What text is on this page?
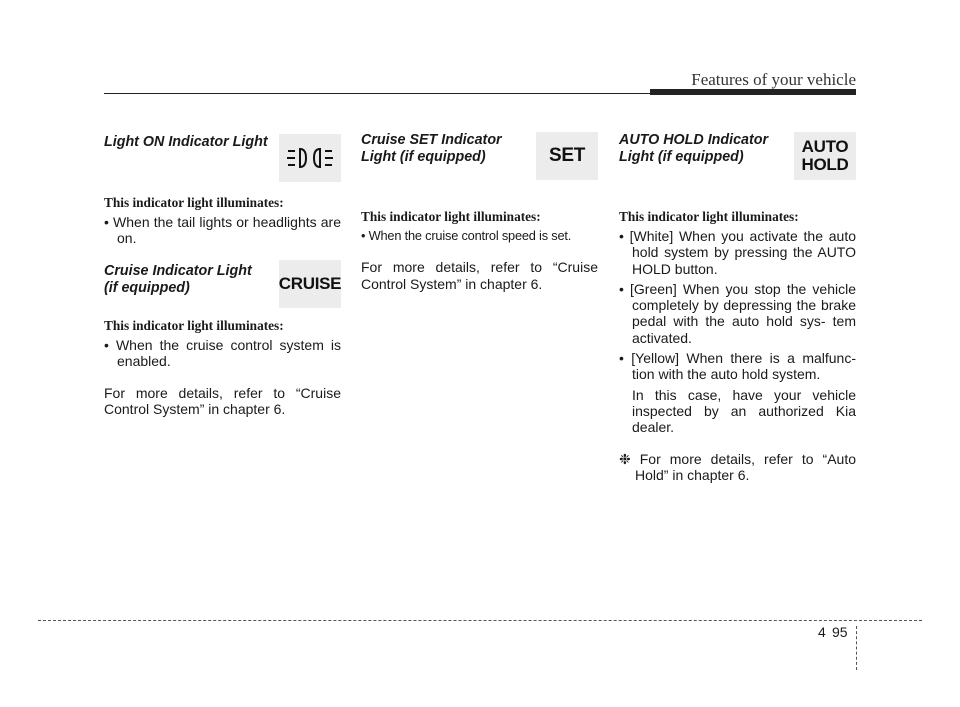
Features of your vehicle

Light ON Indicator Light

This indicator light illuminates:

• When the tail lights or headlights are on.

Cruise Indicator Light

(if equipped)	CRUISE

This indicator light illuminates:

• When the cruise control system is enabled.

For more details, refer to “Cruise Control System” in chapter 6.

Cruise SET Indicator

Light (if equipped)	SET

This indicator light illuminates:

• When the cruise control speed is set.

For more details, refer to “Cruise Control System” in chapter 6.

AUTO HOLD Indicator

Light (if equipped)

AUTO
HOLD

This indicator light illuminates:

• [White] When you activate the auto hold system by pressing the AUTO HOLD button.

• [Green] When you stop the vehicle completely by depressing the brake pedal with the auto hold sys- tem activated.

• [Yellow] When there is a malfunc- tion with the auto hold system.

In this case, have your vehicle inspected by an authorized Kia dealer.

❉ For more details, refer to “Auto Hold” in chapter 6.

4 95
